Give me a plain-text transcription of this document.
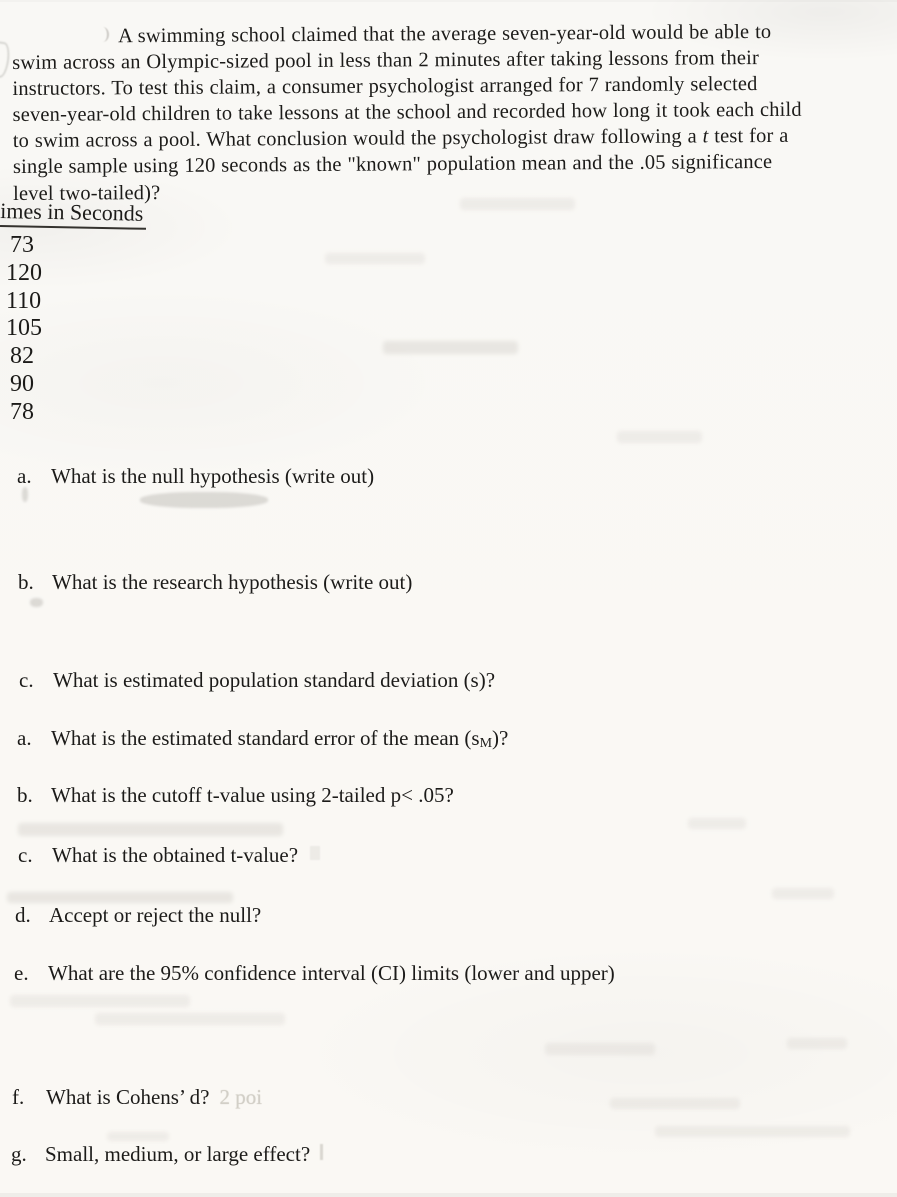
A swimming school claimed that the average seven-year-old would be able to
swim across an Olympic-sized pool in less than 2 minutes after taking lessons from their
instructors. To test this claim, a consumer psychologist arranged for 7 randomly selected
seven-year-old children to take lessons at the school and recorded how long it took each child
to swim across a pool. What conclusion would the psychologist draw following a t test for a
single sample using 120 seconds as the "known" population mean and the .05 significance
level two-tailed)?
imes in Seconds
73
120
110
105
82
90
78
a. What is the null hypothesis (write out)
b. What is the research hypothesis (write out)
c. What is estimated population standard deviation (s)?
a. What is the estimated standard error of the mean (sM)?
b. What is the cutoff t-value using 2-tailed p< .05?
c. What is the obtained t-value?
d. Accept or reject the null?
e. What are the 95% confidence interval (CI) limits (lower and upper)
f. What is Cohens’ d? 2 poi
g. Small, medium, or large effect?
